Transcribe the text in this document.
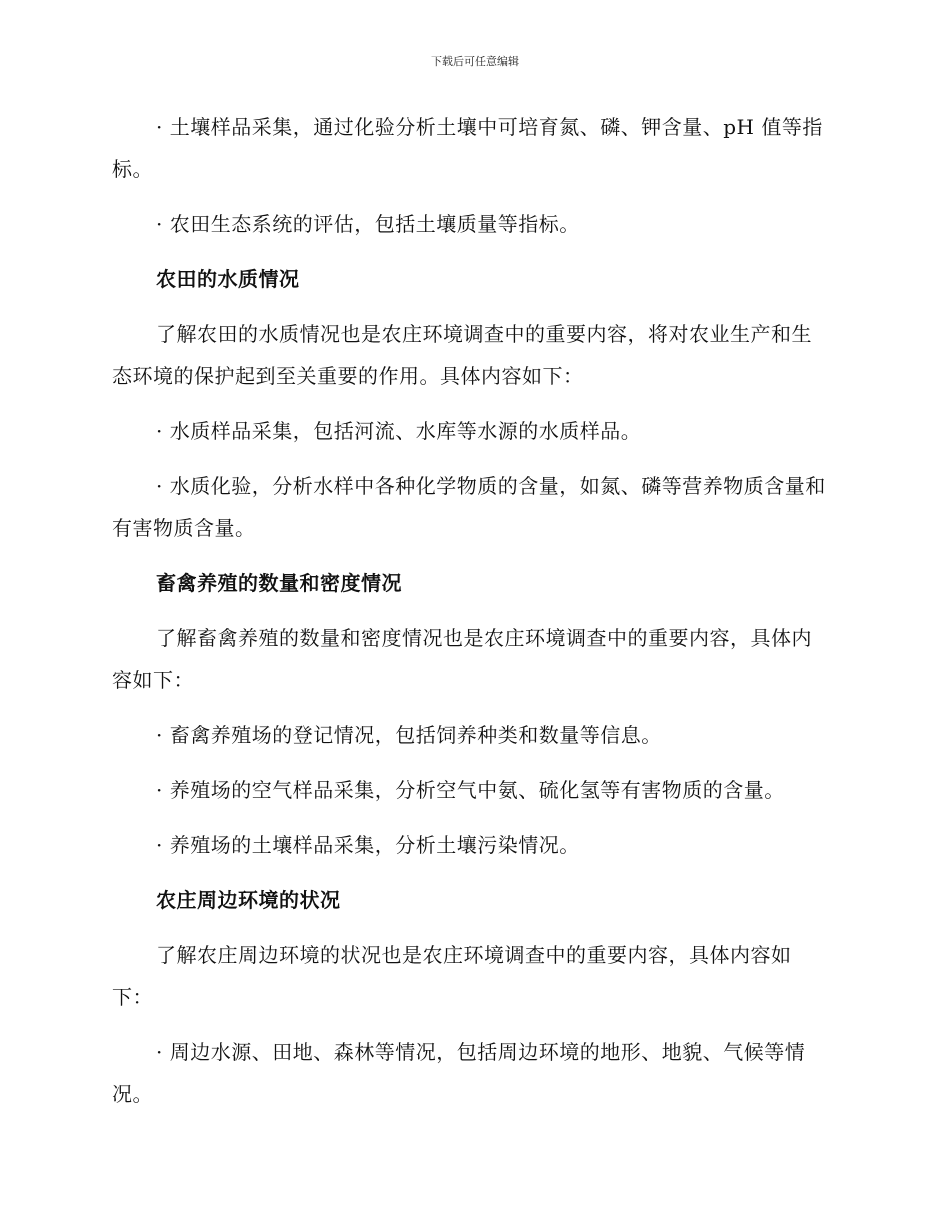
下载后可任意编辑

· 土壤样品采集，通过化验分析土壤中可培育氮、磷、钾含量、pH 值等指标。

· 农田生态系统的评估，包括土壤质量等指标。

农田的水质情况

了解农田的水质情况也是农庄环境调查中的重要内容，将对农业生产和生态环境的保护起到至关重要的作用。具体内容如下：

· 水质样品采集，包括河流、水库等水源的水质样品。

· 水质化验，分析水样中各种化学物质的含量，如氮、磷等营养物质含量和有害物质含量。

畜禽养殖的数量和密度情况

了解畜禽养殖的数量和密度情况也是农庄环境调查中的重要内容，具体内容如下：

· 畜禽养殖场的登记情况，包括饲养种类和数量等信息。

· 养殖场的空气样品采集，分析空气中氨、硫化氢等有害物质的含量。

· 养殖场的土壤样品采集，分析土壤污染情况。

农庄周边环境的状况

了解农庄周边环境的状况也是农庄环境调查中的重要内容，具体内容如下：

· 周边水源、田地、森林等情况，包括周边环境的地形、地貌、气候等情况。
